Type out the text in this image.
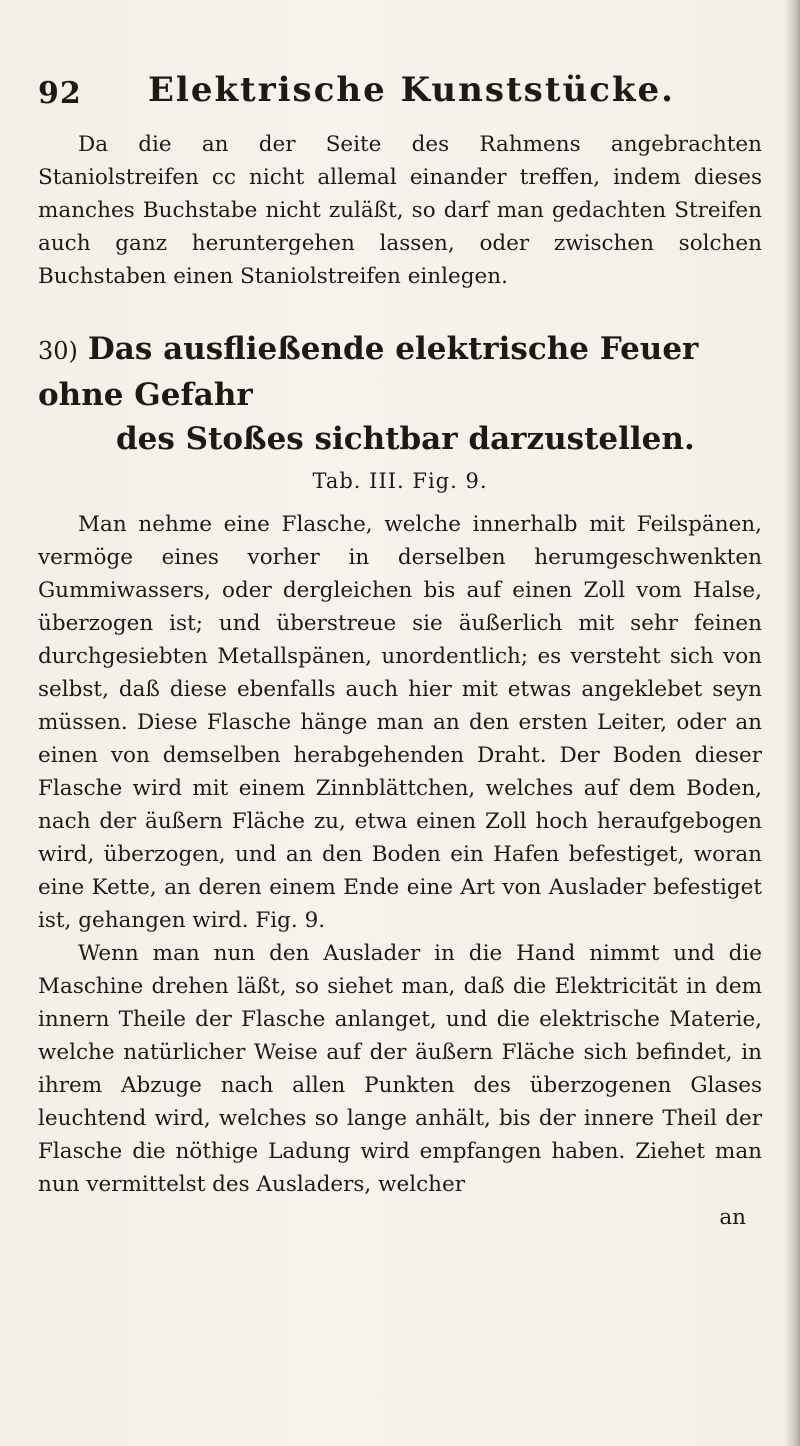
92 Elektrische Kunststücke.

Da die an der Seite des Rahmens angebrachten Staniolstreifen cc nicht allemal einander treffen, indem dieses manches Buchstabe nicht zuläßt, so darf man gedachten Streifen auch ganz heruntergehen lassen, oder zwischen solchen Buchstaben einen Staniolstreifen einlegen.

30) Das ausfließende elektrische Feuer ohne Gefahr
des Stoßes sichtbar darzustellen.
Tab. III. Fig. 9.

Man nehme eine Flasche, welche innerhalb mit Feilspänen, vermöge eines vorher in derselben herumgeschwenkten Gummiwassers, oder dergleichen bis auf einen Zoll vom Halse, überzogen ist; und überstreue sie äußerlich mit sehr feinen durchgesiebten Metallspänen, unordentlich; es versteht sich von selbst, daß diese ebenfalls auch hier mit etwas angeklebet seyn müssen. Diese Flasche hänge man an den ersten Leiter, oder an einen von demselben herabgehenden Draht. Der Boden dieser Flasche wird mit einem Zinnblättchen, welches auf dem Boden, nach der äußern Fläche zu, etwa einen Zoll hoch heraufgebogen wird, überzogen, und an den Boden ein Hafen befestiget, woran eine Kette, an deren einem Ende eine Art von Auslader befestiget ist, gehangen wird. Fig. 9.

Wenn man nun den Auslader in die Hand nimmt und die Maschine drehen läßt, so siehet man, daß die Elektricität in dem innern Theile der Flasche anlanget, und die elektrische Materie, welche natürlicher Weise auf der äußern Fläche sich befindet, in ihrem Abzuge nach allen Punkten des überzogenen Glases leuchtend wird, welches so lange anhält, bis der innere Theil der Flasche die nöthige Ladung wird empfangen haben. Ziehet man nun vermittelst des Ausladers, welcher

an
